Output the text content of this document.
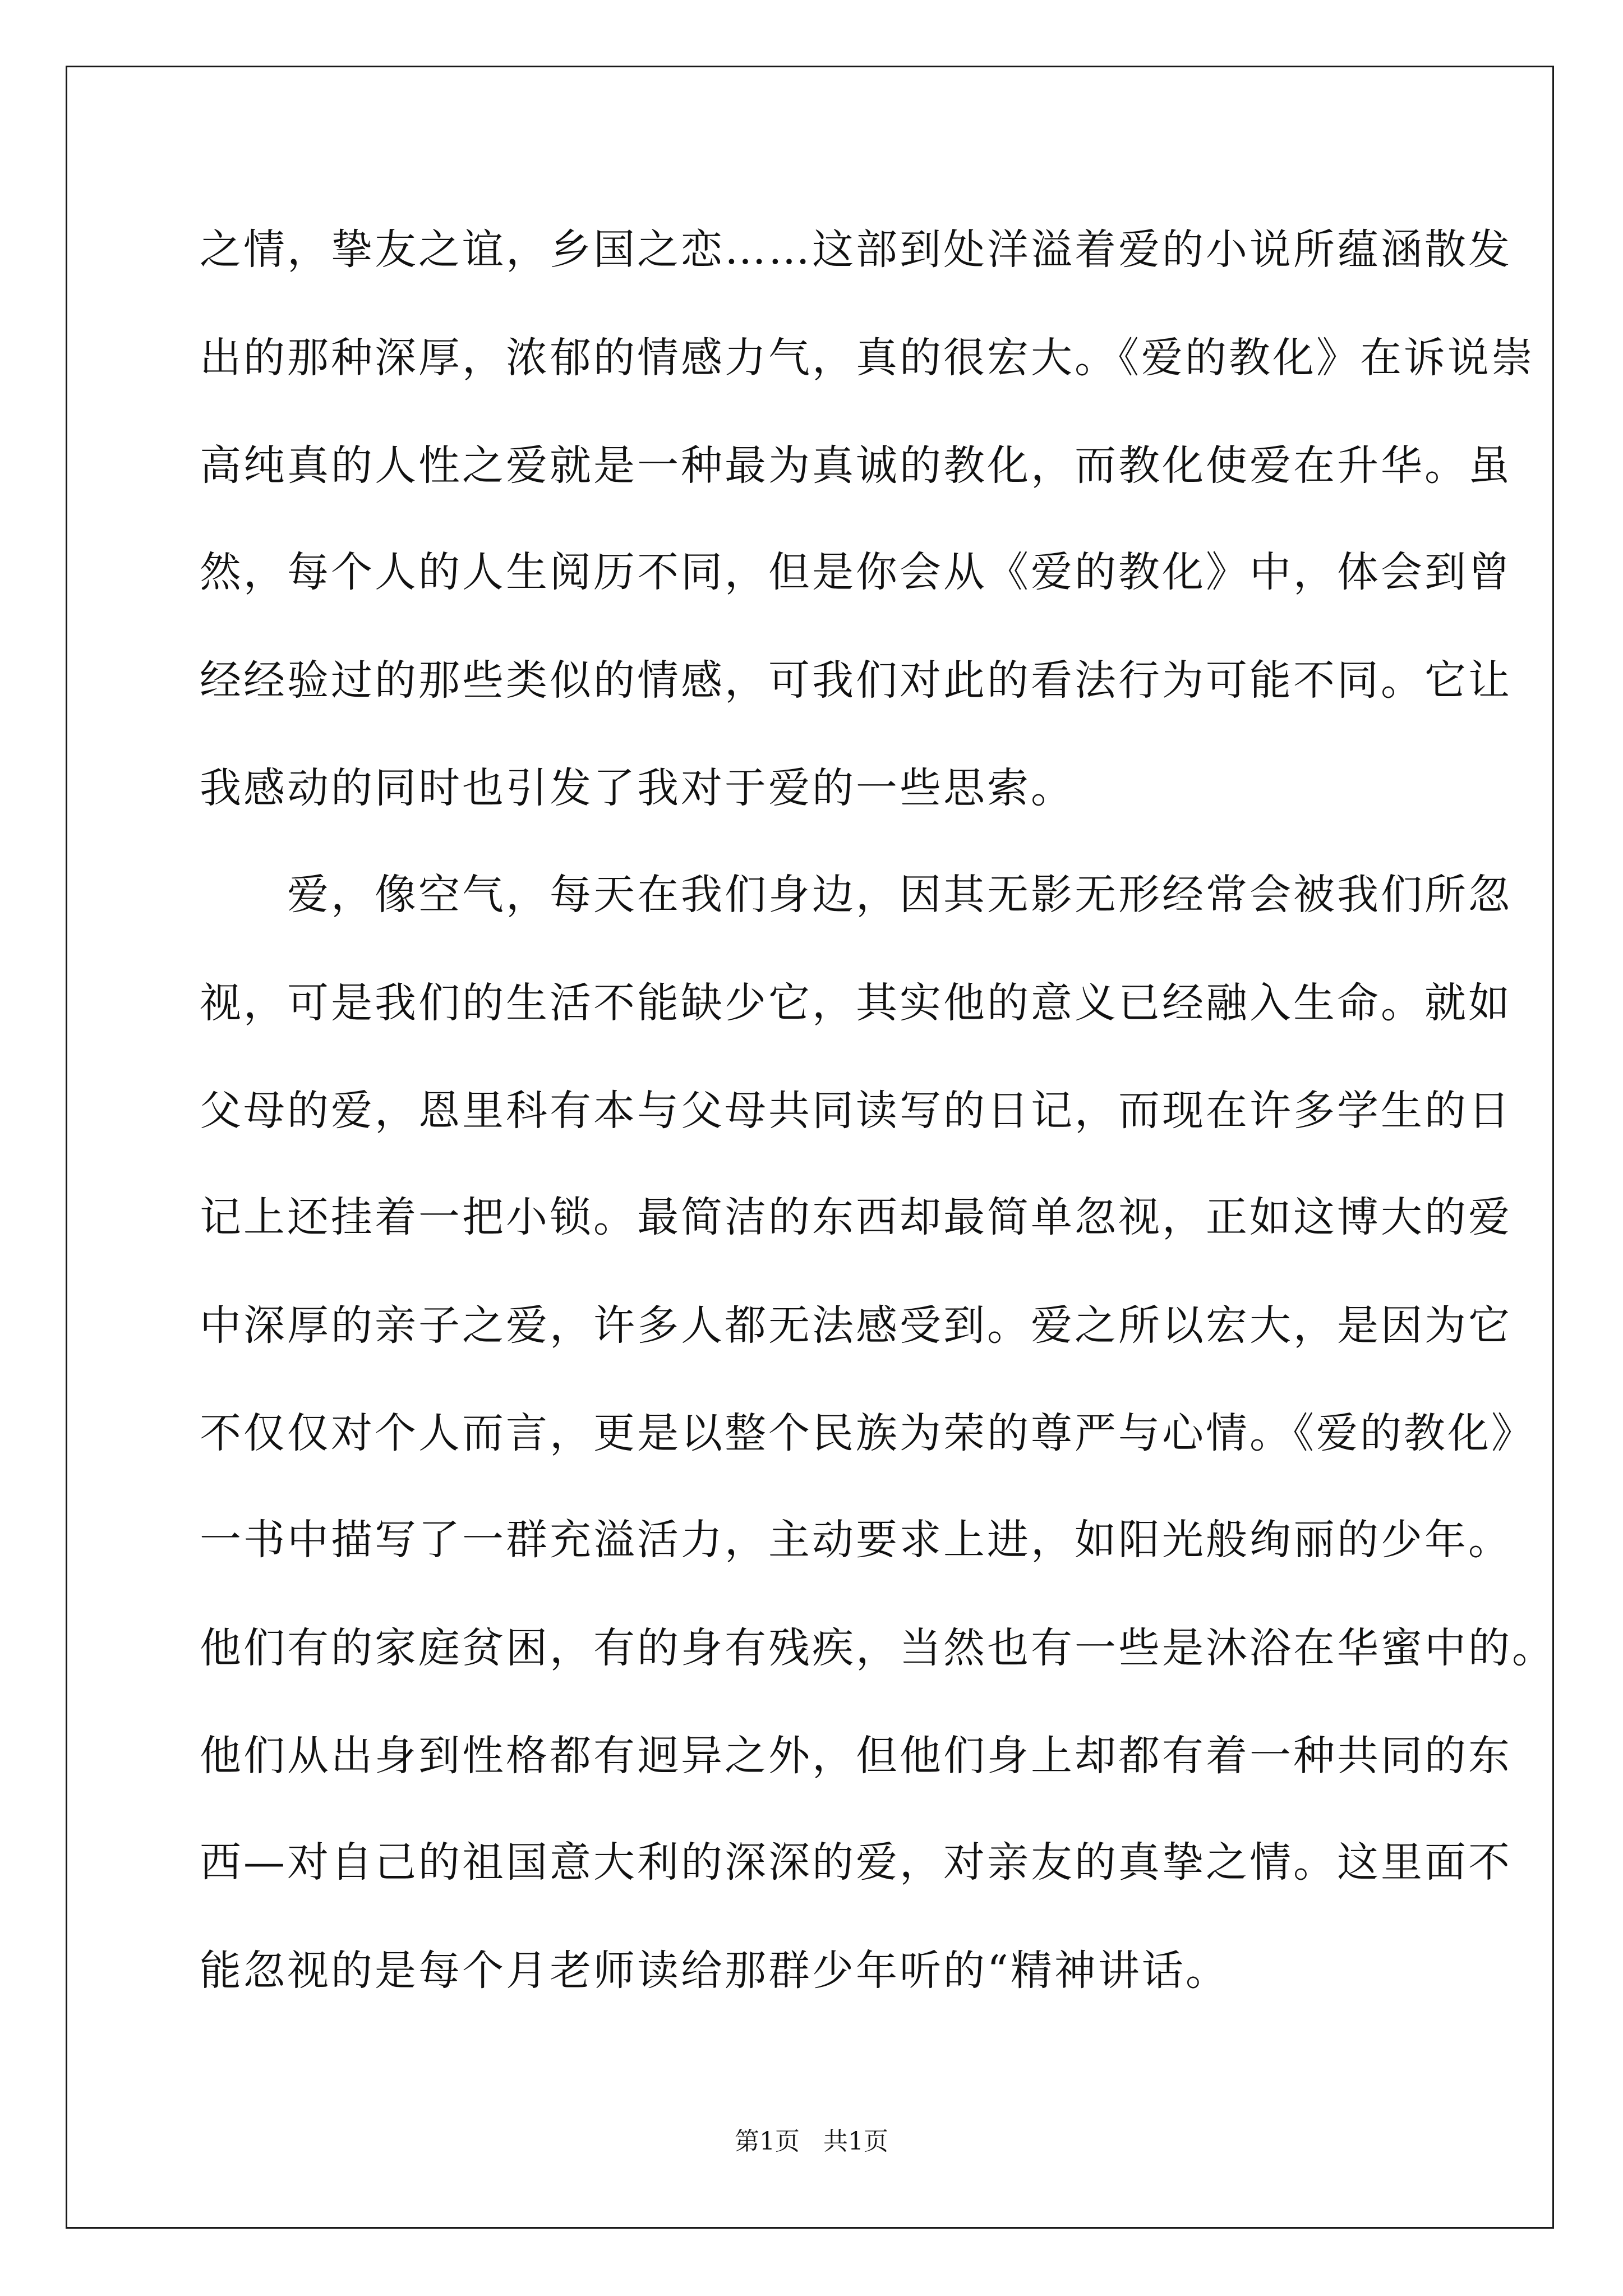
之情，挚友之谊，乡国之恋……这部到处洋溢着爱的小说所蕴涵散发
出的那种深厚，浓郁的情感力气，真的很宏大。《爱的教化》在诉说崇
高纯真的人性之爱就是一种最为真诚的教化，而教化使爱在升华。虽
然，每个人的人生阅历不同，但是你会从《爱的教化》中，体会到曾
经经验过的那些类似的情感，可我们对此的看法行为可能不同。它让
我感动的同时也引发了我对于爱的一些思索。
　　爱，像空气，每天在我们身边，因其无影无形经常会被我们所忽
视，可是我们的生活不能缺少它，其实他的意义已经融入生命。就如
父母的爱，恩里科有本与父母共同读写的日记，而现在许多学生的日
记上还挂着一把小锁。最简洁的东西却最简单忽视，正如这博大的爱
中深厚的亲子之爱，许多人都无法感受到。爱之所以宏大，是因为它
不仅仅对个人而言，更是以整个民族为荣的尊严与心情。《爱的教化》
一书中描写了一群充溢活力，主动要求上进，如阳光般绚丽的少年。
他们有的家庭贫困，有的身有残疾，当然也有一些是沐浴在华蜜中的。
他们从出身到性格都有迥异之外，但他们身上却都有着一种共同的东
西—对自己的祖国意大利的深深的爱，对亲友的真挚之情。这里面不
能忽视的是每个月老师读给那群少年听的“精神讲话。
第1页   共1页
